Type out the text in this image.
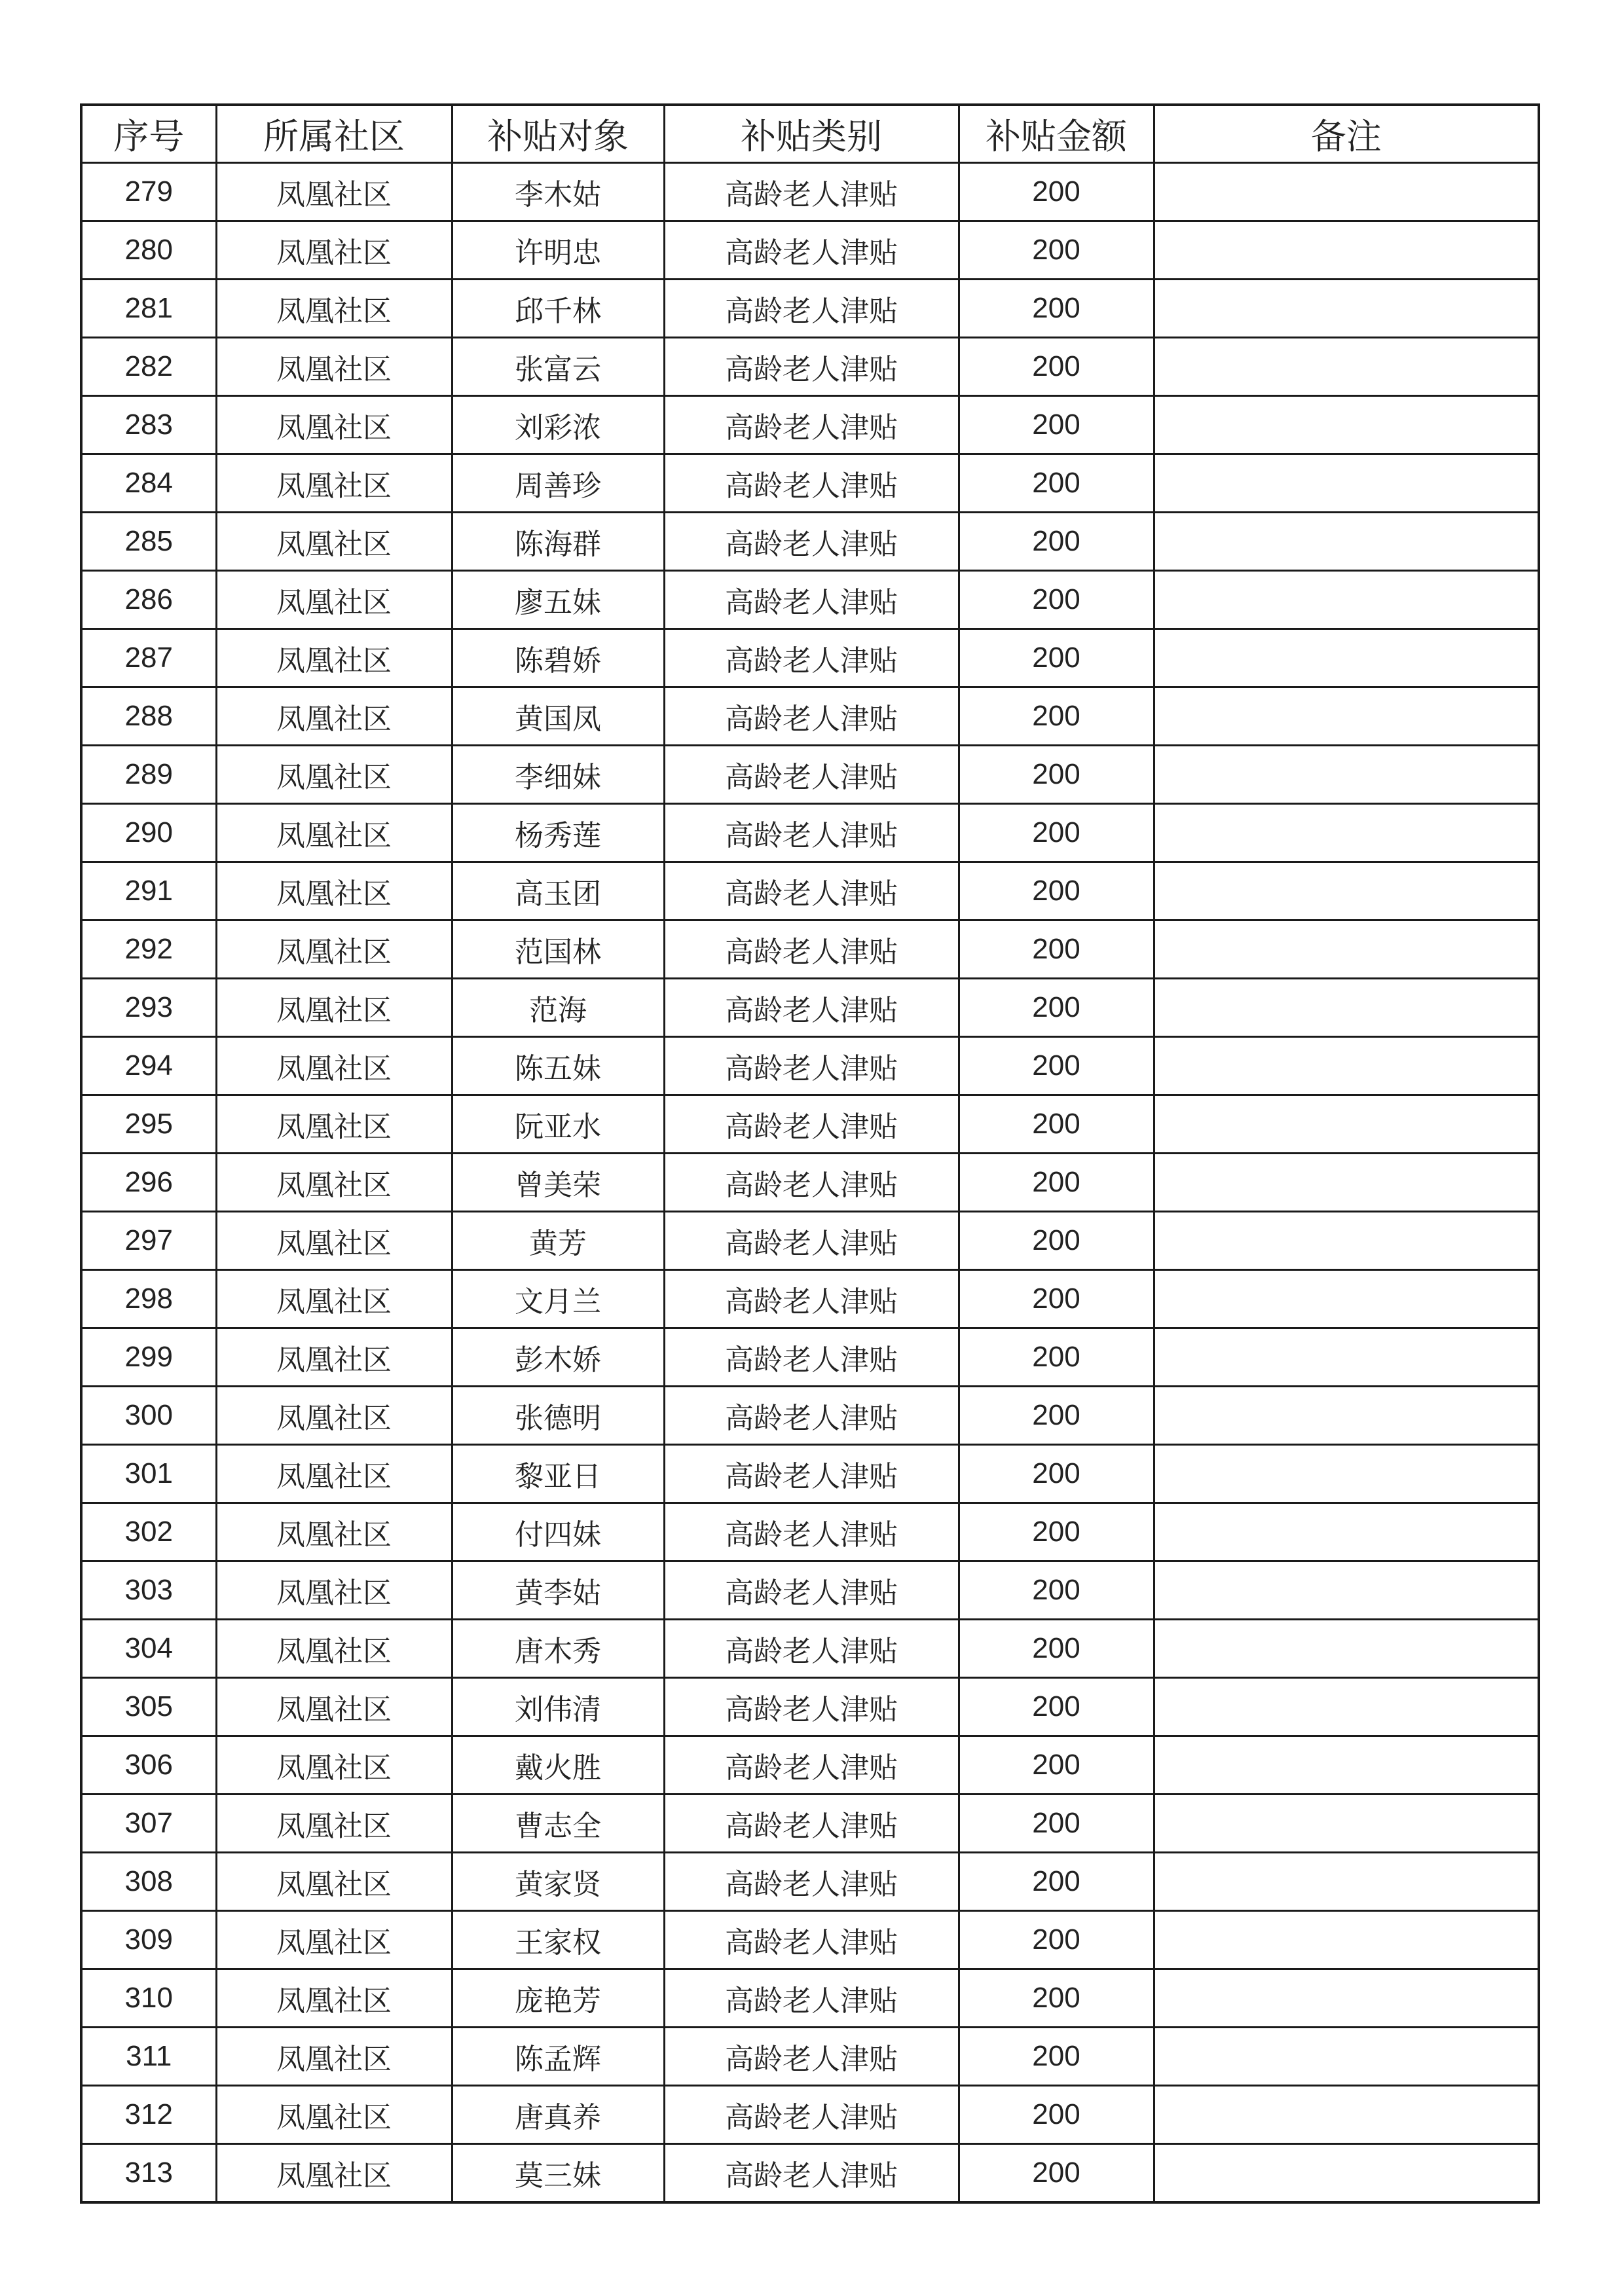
序号	所属社区	补贴对象	补贴类别	补贴金额	备注
279	凤凰社区	李木姑	高龄老人津贴	200	
280	凤凰社区	许明忠	高龄老人津贴	200	
281	凤凰社区	邱千林	高龄老人津贴	200	
282	凤凰社区	张富云	高龄老人津贴	200	
283	凤凰社区	刘彩浓	高龄老人津贴	200	
284	凤凰社区	周善珍	高龄老人津贴	200	
285	凤凰社区	陈海群	高龄老人津贴	200	
286	凤凰社区	廖五妹	高龄老人津贴	200	
287	凤凰社区	陈碧娇	高龄老人津贴	200	
288	凤凰社区	黄国凤	高龄老人津贴	200	
289	凤凰社区	李细妹	高龄老人津贴	200	
290	凤凰社区	杨秀莲	高龄老人津贴	200	
291	凤凰社区	高玉团	高龄老人津贴	200	
292	凤凰社区	范国林	高龄老人津贴	200	
293	凤凰社区	范海	高龄老人津贴	200	
294	凤凰社区	陈五妹	高龄老人津贴	200	
295	凤凰社区	阮亚水	高龄老人津贴	200	
296	凤凰社区	曾美荣	高龄老人津贴	200	
297	凤凰社区	黄芳	高龄老人津贴	200	
298	凤凰社区	文月兰	高龄老人津贴	200	
299	凤凰社区	彭木娇	高龄老人津贴	200	
300	凤凰社区	张德明	高龄老人津贴	200	
301	凤凰社区	黎亚日	高龄老人津贴	200	
302	凤凰社区	付四妹	高龄老人津贴	200	
303	凤凰社区	黄李姑	高龄老人津贴	200	
304	凤凰社区	唐木秀	高龄老人津贴	200	
305	凤凰社区	刘伟清	高龄老人津贴	200	
306	凤凰社区	戴火胜	高龄老人津贴	200	
307	凤凰社区	曹志全	高龄老人津贴	200	
308	凤凰社区	黄家贤	高龄老人津贴	200	
309	凤凰社区	王家权	高龄老人津贴	200	
310	凤凰社区	庞艳芳	高龄老人津贴	200	
311	凤凰社区	陈孟辉	高龄老人津贴	200	
312	凤凰社区	唐真养	高龄老人津贴	200	
313	凤凰社区	莫三妹	高龄老人津贴	200	
